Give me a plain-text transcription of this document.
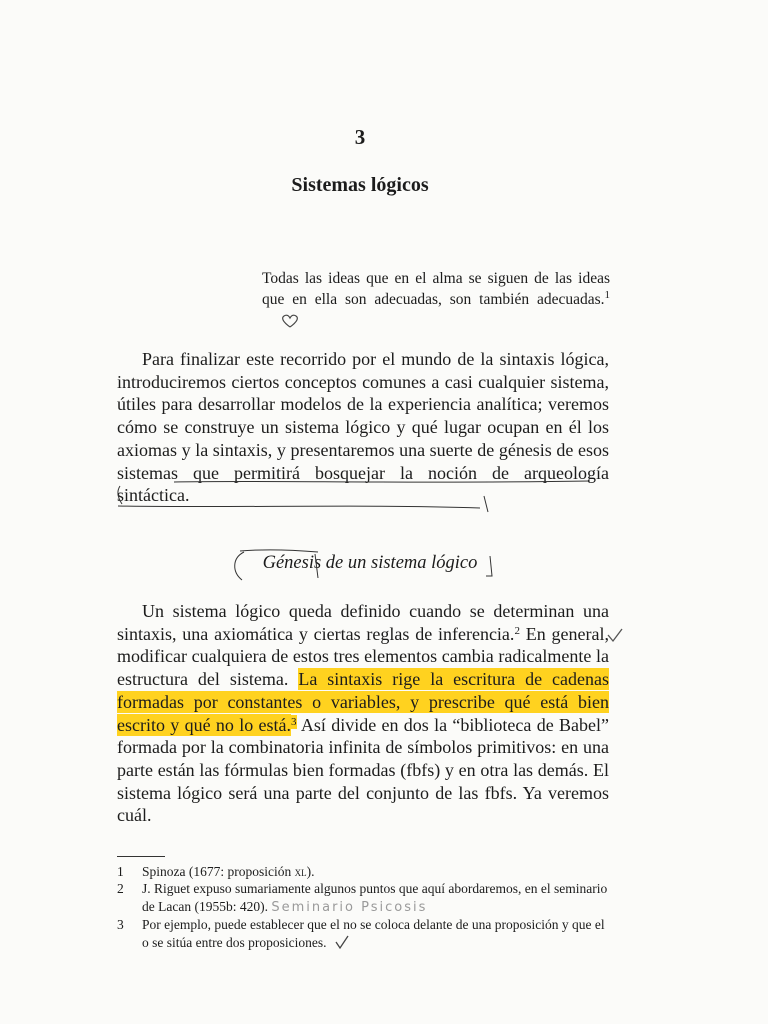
3
Sistemas lógicos
Todas las ideas que en el alma se siguen de las ideas que en ella son adecuadas, son también adecuadas.$^1$
Para finalizar este recorrido por el mundo de la sintaxis lógica, introduciremos ciertos conceptos comunes a casi cualquier sistema, útiles para desarrollar modelos de la experiencia analítica; veremos cómo se construye un sistema lógico y qué lugar ocupan en él los axiomas y la sintaxis, y presentaremos una suerte de génesis de esos sistemas que permitirá bosquejar la noción de arqueología sintáctica.
Génesis de un sistema lógico
Un sistema lógico queda definido cuando se determinan una sintaxis, una axiomática y ciertas reglas de inferencia.$^2$ En general, modificar cualquiera de estos tres elementos cambia radicalmente la estructura del sistema. La sintaxis rige la escritura de cadenas formadas por constantes o variables, y prescribe qué está bien escrito y qué no lo está.$^3$ Así divide en dos la “biblioteca de Babel” formada por la combinatoria infinita de símbolos primitivos: en una parte están las fórmulas bien formadas (fbfs) y en otra las demás. El sistema lógico será una parte del conjunto de las fbfs. Ya veremos cuál.
1	Spinoza (1677: proposición xl).
2	J. Riguet expuso sumariamente algunos puntos que aquí abordaremos, en el seminario de Lacan (1955b: 420). Seminario Psicosis
3	Por ejemplo, puede establecer que el no se coloca delante de una proposición y que el o se sitúa entre dos proposiciones.
